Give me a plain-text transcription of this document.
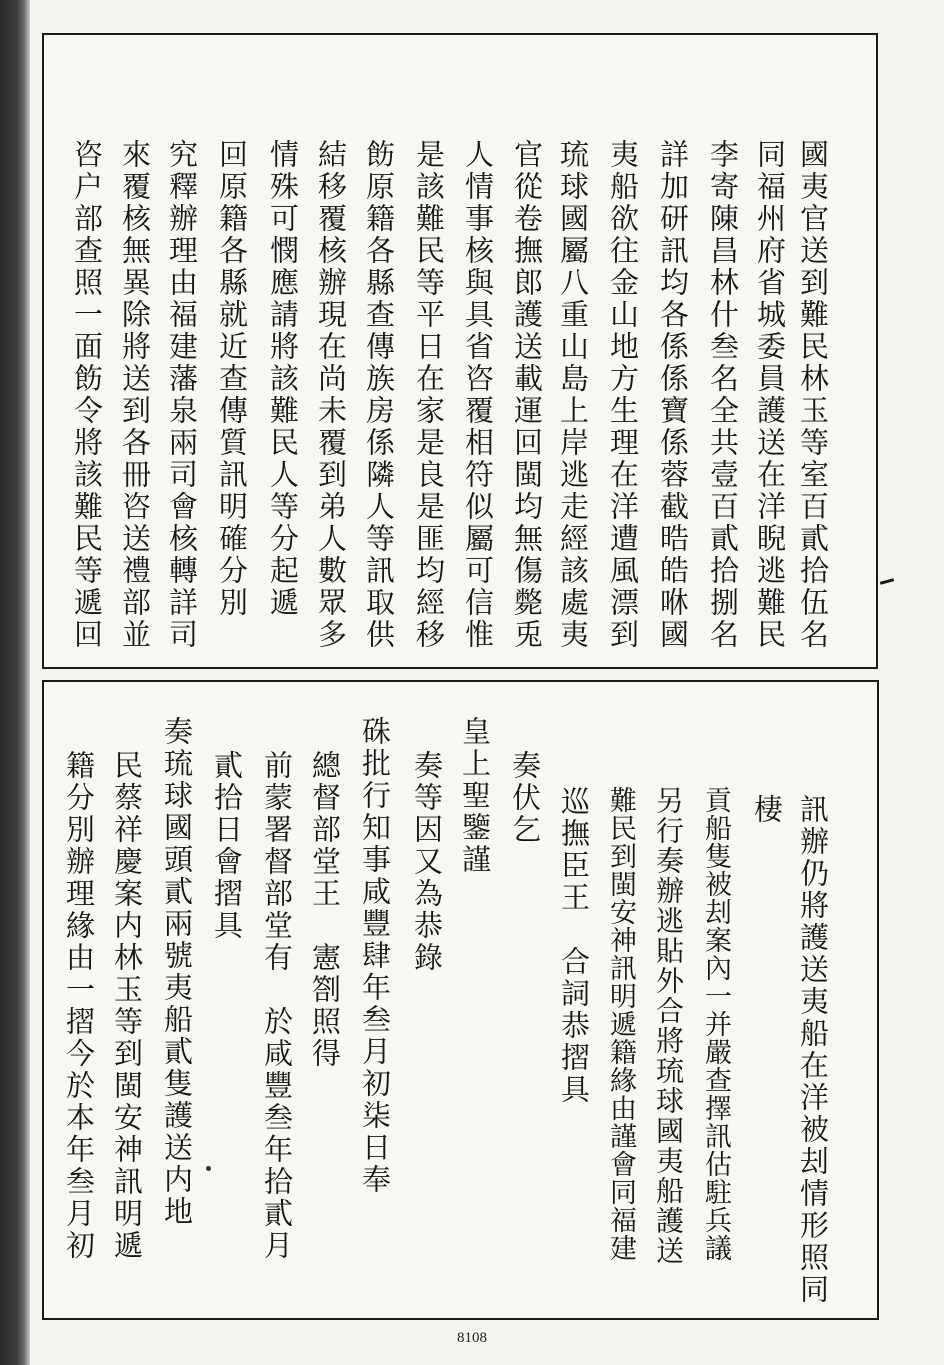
國夷官送到難民林玉等室百貳拾伍名
同福州府省城委員護送在洋睨逃難民
李寄陳昌林什叁名全共壹百貳拾捌名
詳加研訊均各係係寶係蓉截晧皓咻國
夷船欲往金山地方生理在洋遭風漂到
琉球國屬八重山島上岸逃走經該處夷
官從卷撫郎護送載運回閩均無傷斃兎
人情事核與具省咨覆相符似屬可信惟
是該難民等平日在家是良是匪均經移
飭原籍各縣查傳族房係隣人等訊取供
結移覆核辦現在尚未覆到弟人數眾多
情殊可憫應請將該難民人等分起遞
回原籍各縣就近查傳質訊明確分別
究釋辦理由福建藩泉兩司會核轉詳司
來覆核無異除將送到各冊咨送禮部並
咨户部查照一面飭令將該難民等遞回
訊辦仍將護送夷船在洋被刦情形照同
棲
貢船隻被刦案內一并嚴查擇訊估駐兵議
另行奏辦逃貼外合將琉球國夷船護送
難民到閩安神訊明遞籍緣由謹會同福建
巡撫臣王　合詞恭摺具
奏伏乞
皇上聖鑒謹
奏等因又為恭錄
硃批行知事咸豐肆年叁月初柒日奉
總督部堂王　憲劄照得
前蒙署督部堂有　於咸豐叁年拾貳月
貳拾日會摺具
奏琉球國頭貳兩號夷船貳隻護送内地
民蔡祥慶案内林玉等到閩安神訊明遞
籍分別辦理緣由一摺今於本年叁月初
8108
